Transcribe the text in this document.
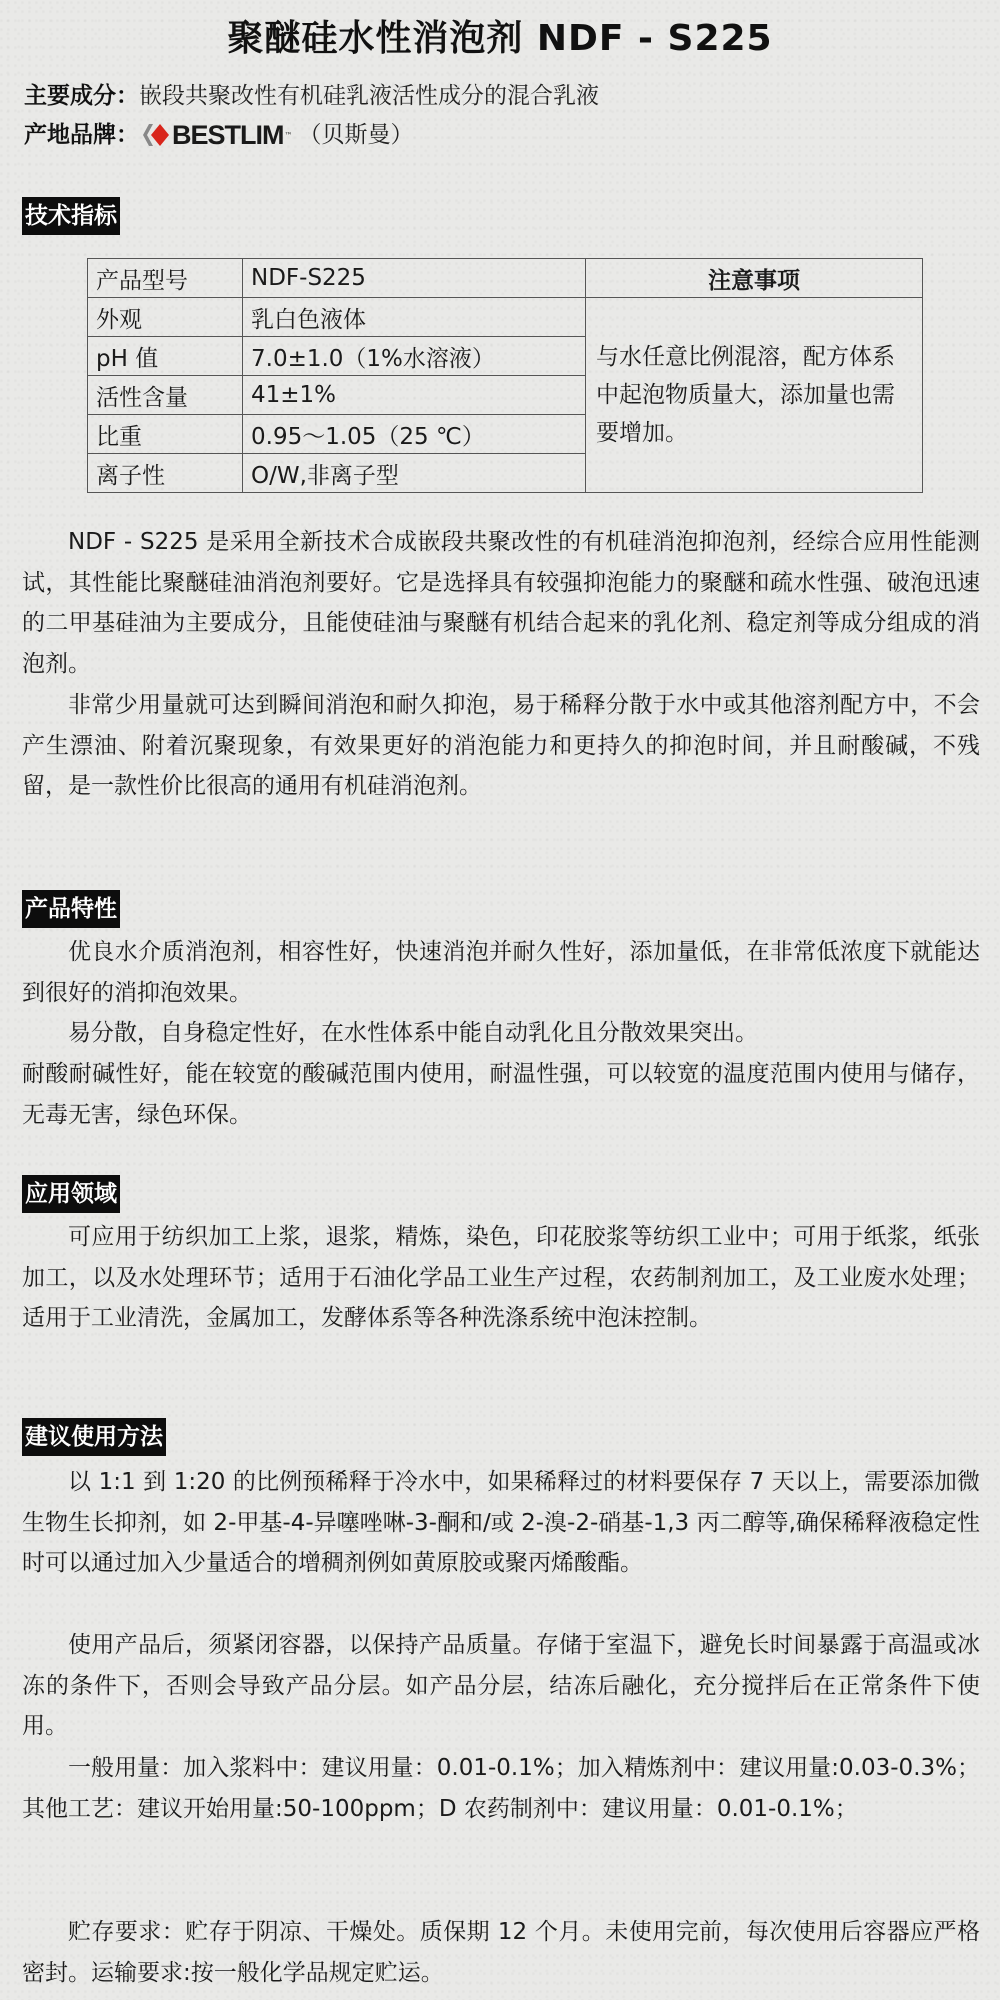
聚醚硅水性消泡剂 NDF - S225
主要成分：嵌段共聚改性有机硅乳液活性成分的混合乳液
产地品牌： BESTLIM ™ （贝斯曼）
技术指标
产品型号	NDF-S225	注意事项
外观	乳白色液体	与水任意比例混溶，配方体系中起泡物质量大，添加量也需要增加。
pH 值	7.0±1.0（1%水溶液）	
活性含量	41±1%	
比重	0.95～1.05（25 ℃）	
离子性	O/W,非离子型	

NDF - S225 是采用全新技术合成嵌段共聚改性的有机硅消泡抑泡剂，经综合应用性能测试，其性能比聚醚硅油消泡剂要好。它是选择具有较强抑泡能力的聚醚和疏水性强、破泡迅速的二甲基硅油为主要成分，且能使硅油与聚醚有机结合起来的乳化剂、稳定剂等成分组成的消泡剂。

非常少用量就可达到瞬间消泡和耐久抑泡，易于稀释分散于水中或其他溶剂配方中，不会产生漂油、附着沉聚现象，有效果更好的消泡能力和更持久的抑泡时间，并且耐酸碱，不残留，是一款性价比很高的通用有机硅消泡剂。

产品特性

优良水介质消泡剂，相容性好，快速消泡并耐久性好，添加量低，在非常低浓度下就能达到很好的消抑泡效果。

易分散，自身稳定性好，在水性体系中能自动乳化且分散效果突出。

耐酸耐碱性好，能在较宽的酸碱范围内使用，耐温性强，可以较宽的温度范围内使用与储存，无毒无害，绿色环保。

应用领域

可应用于纺织加工上浆，退浆，精炼，染色，印花胶浆等纺织工业中；可用于纸浆，纸张加工，以及水处理环节；适用于石油化学品工业生产过程，农药制剂加工，及工业废水处理；适用于工业清洗，金属加工，发酵体系等各种洗涤系统中泡沫控制。

建议使用方法

以 1:1 到 1:20 的比例预稀释于冷水中，如果稀释过的材料要保存 7 天以上，需要添加微生物生长抑剂，如 2-甲基-4-异噻唑啉-3-酮和/或 2-溴-2-硝基-1,3 丙二醇等,确保稀释液稳定性时可以通过加入少量适合的增稠剂例如黄原胶或聚丙烯酸酯。

使用产品后，须紧闭容器，以保持产品质量。存储于室温下，避免长时间暴露于高温或冰冻的条件下，否则会导致产品分层。如产品分层，结冻后融化，充分搅拌后在正常条件下使用。

一般用量：加入浆料中：建议用量：0.01-0.1%；加入精炼剂中：建议用量:0.03-0.3%；其他工艺：建议开始用量:50-100ppm；D 农药制剂中：建议用量：0.01-0.1%；

贮存要求：贮存于阴凉、干燥处。质保期 12 个月。未使用完前，每次使用后容器应严格密封。运输要求:按一般化学品规定贮运。
